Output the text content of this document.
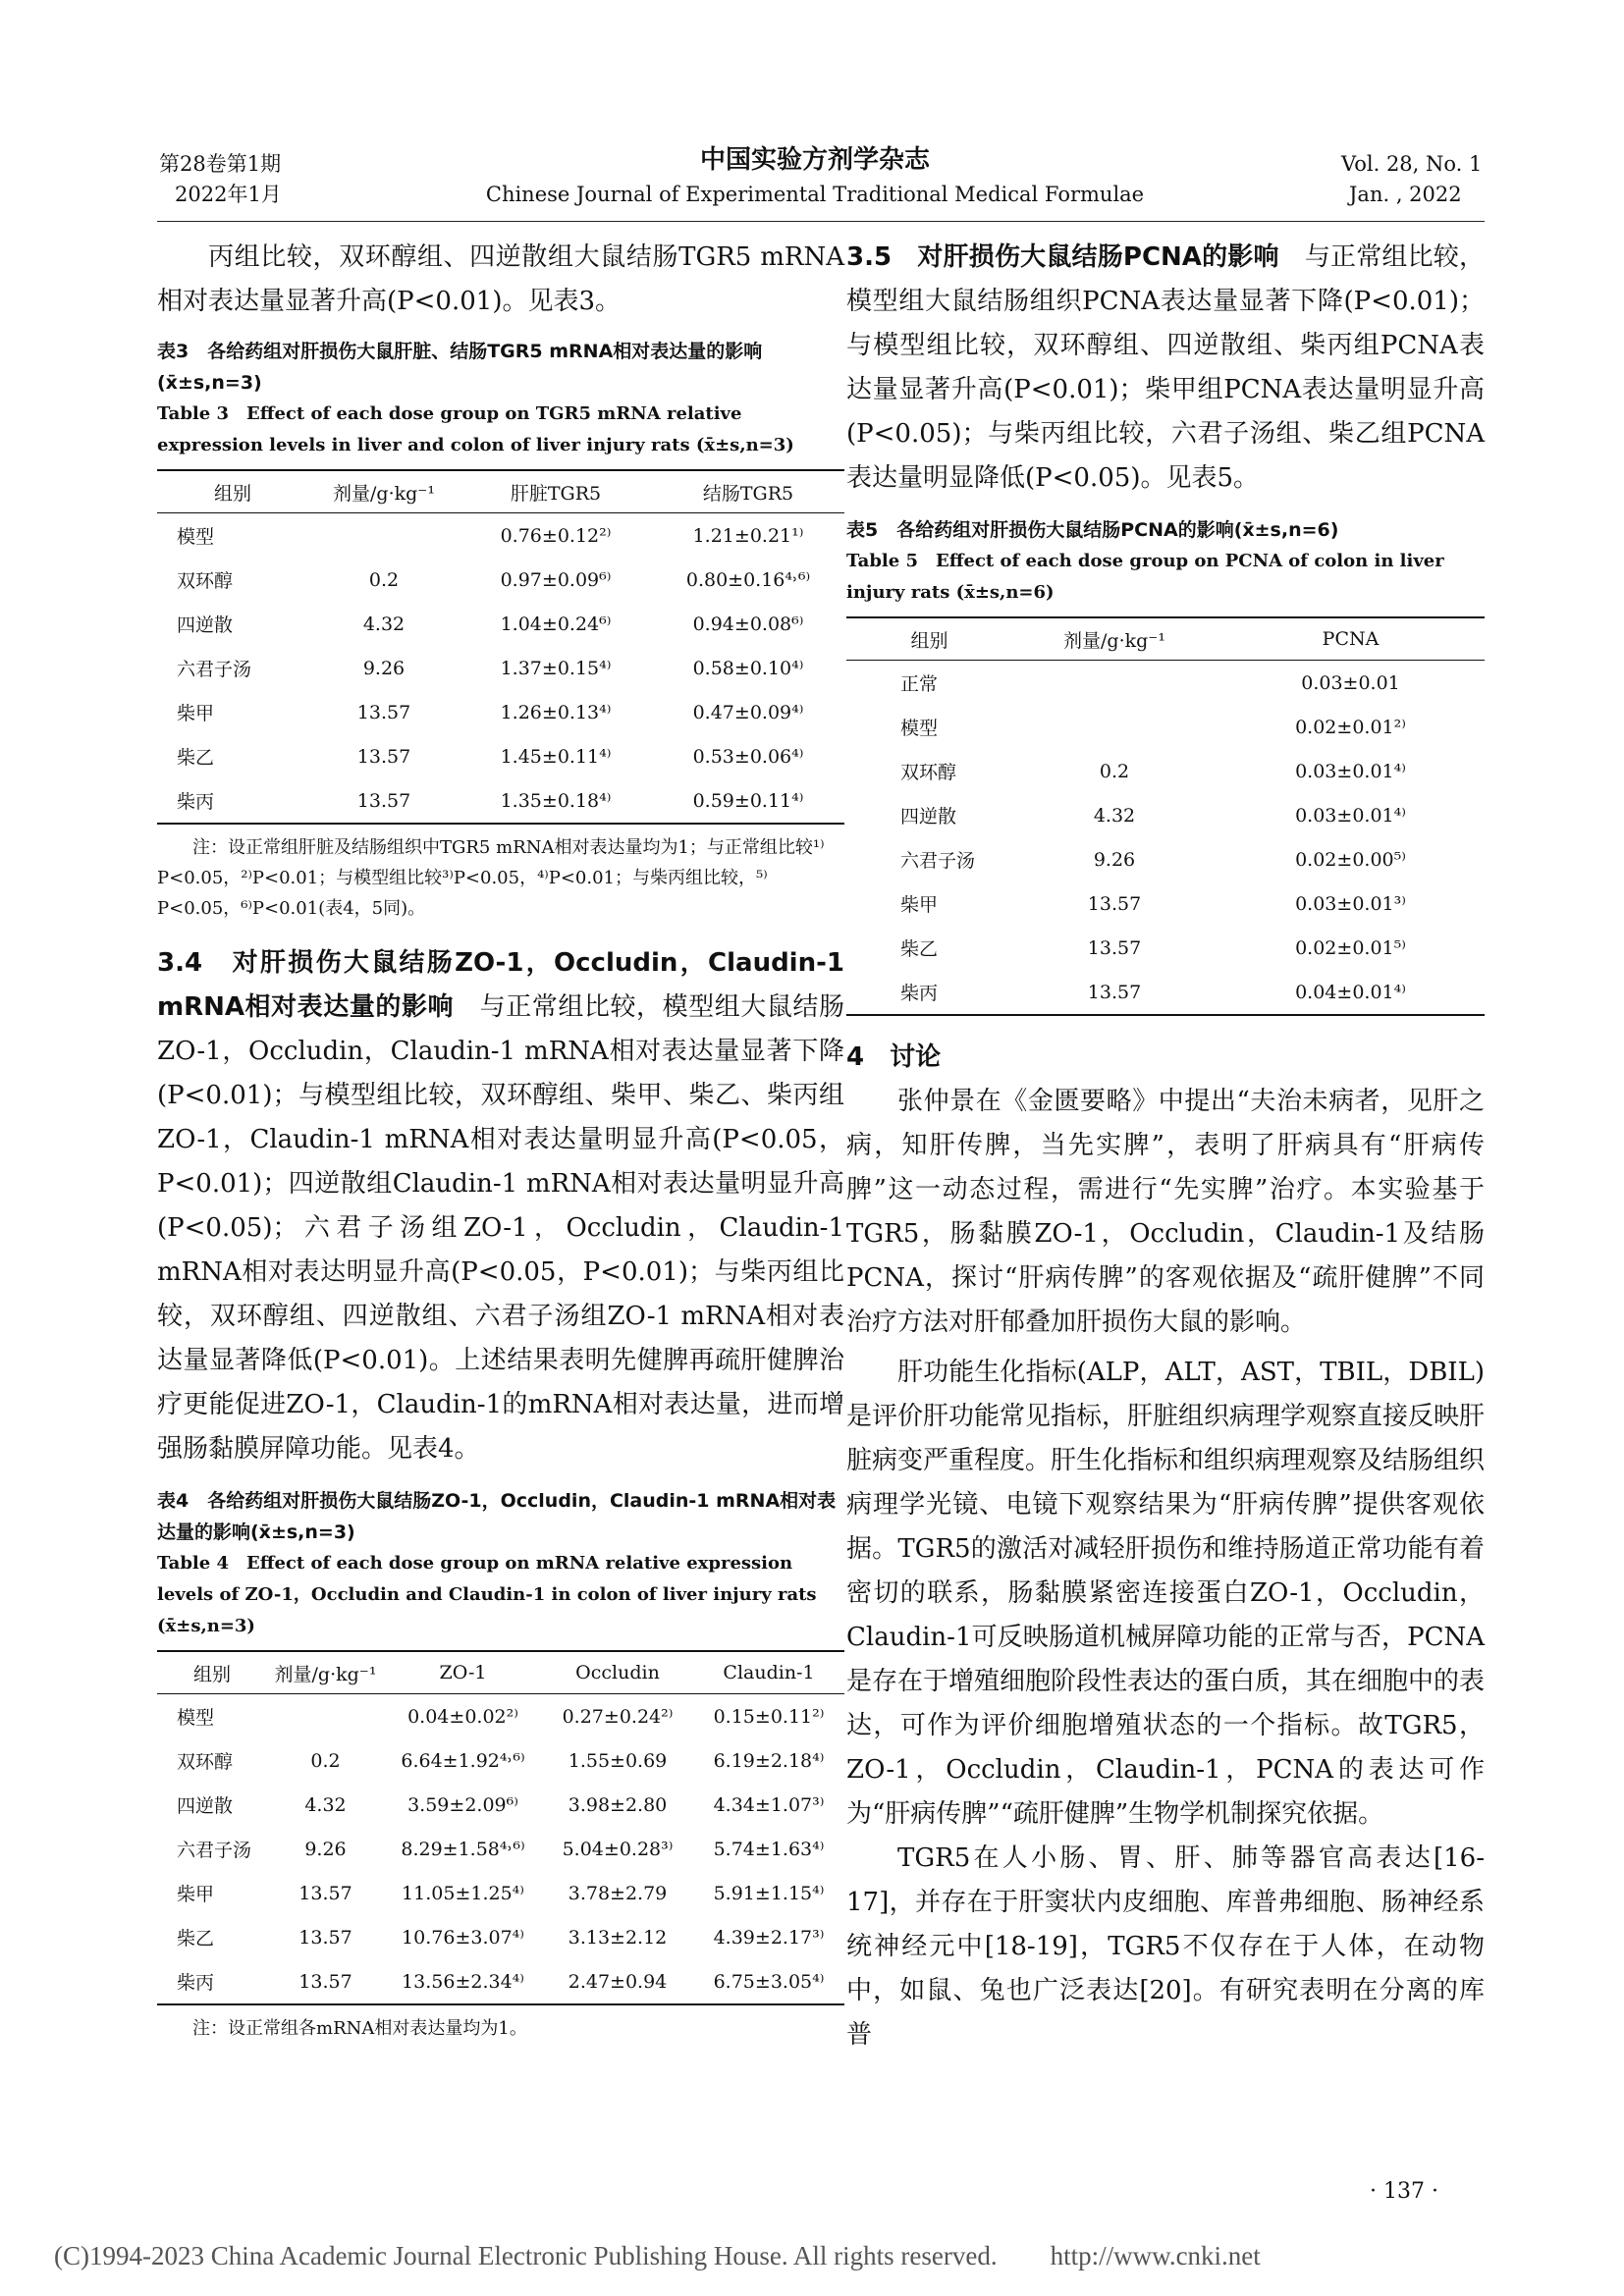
第28卷第1期
2022年1月
中国实验方剂学杂志
Chinese Journal of Experimental Traditional Medical Formulae
Vol. 28, No. 1
Jan. , 2022

丙组比较，双环醇组、四逆散组大鼠结肠TGR5 mRNA相对表达量显著升高(P<0.01)。见表3。

表3　各给药组对肝损伤大鼠肝脏、结肠TGR5 mRNA相对表达量的影响(x̄±s,n=3)

Table 3　Effect of each dose group on TGR5 mRNA relative expression levels in liver and colon of liver injury rats (x̄±s,n=3)

组别	剂量/g·kg⁻¹	肝脏TGR5	结肠TGR5
模型		0.76±0.12²⁾	1.21±0.21¹⁾
双环醇	0.2	0.97±0.09⁶⁾	0.80±0.16⁴˒⁶⁾
四逆散	4.32	1.04±0.24⁶⁾	0.94±0.08⁶⁾
六君子汤	9.26	1.37±0.15⁴⁾	0.58±0.10⁴⁾
柴甲	13.57	1.26±0.13⁴⁾	0.47±0.09⁴⁾
柴乙	13.57	1.45±0.11⁴⁾	0.53±0.06⁴⁾
柴丙	13.57	1.35±0.18⁴⁾	0.59±0.11⁴⁾

注：设正常组肝脏及结肠组织中TGR5 mRNA相对表达量均为1；与正常组比较¹⁾P<0.05，²⁾P<0.01；与模型组比较³⁾P<0.05，⁴⁾P<0.01；与柴丙组比较，⁵⁾P<0.05，⁶⁾P<0.01(表4，5同)。

3.4　对肝损伤大鼠结肠ZO-1，Occludin，Claudin-1 mRNA相对表达量的影响　 与正常组比较，模型组大鼠结肠ZO-1，Occludin，Claudin-1 mRNA相对表达量显著下降(P<0.01)；与模型组比较，双环醇组、柴甲、柴乙、柴丙组ZO-1，Claudin-1 mRNA相对表达量明显升高(P<0.05，P<0.01)；四逆散组Claudin-1 mRNA相对表达量明显升高(P<0.05)；六君子汤组ZO-1，Occludin，Claudin-1 mRNA相对表达明显升高(P<0.05，P<0.01)；与柴丙组比较，双环醇组、四逆散组、六君子汤组ZO-1 mRNA相对表达量显著降低(P<0.01)。上述结果表明先健脾再疏肝健脾治疗更能促进ZO-1，Claudin-1的mRNA相对表达量，进而增强肠黏膜屏障功能。见表4。

表4　各给药组对肝损伤大鼠结肠ZO-1，Occludin，Claudin-1 mRNA相对表达量的影响(x̄±s,n=3)

Table 4　Effect of each dose group on mRNA relative expression levels of ZO-1，Occludin and Claudin-1 in colon of liver injury rats (x̄±s,n=3)

组别	剂量/g·kg⁻¹	ZO-1	Occludin	Claudin-1
模型		0.04±0.02²⁾	0.27±0.24²⁾	0.15±0.11²⁾
双环醇	0.2	6.64±1.92⁴˒⁶⁾	1.55±0.69	6.19±2.18⁴⁾
四逆散	4.32	3.59±2.09⁶⁾	3.98±2.80	4.34±1.07³⁾
六君子汤	9.26	8.29±1.58⁴˒⁶⁾	5.04±0.28³⁾	5.74±1.63⁴⁾
柴甲	13.57	11.05±1.25⁴⁾	3.78±2.79	5.91±1.15⁴⁾
柴乙	13.57	10.76±3.07⁴⁾	3.13±2.12	4.39±2.17³⁾
柴丙	13.57	13.56±2.34⁴⁾	2.47±0.94	6.75±3.05⁴⁾

注：设正常组各mRNA相对表达量均为1。

3.5　对肝损伤大鼠结肠PCNA的影响　 与正常组比较，模型组大鼠结肠组织PCNA表达量显著下降(P<0.01)；与模型组比较，双环醇组、四逆散组、柴丙组PCNA表达量显著升高(P<0.01)；柴甲组PCNA表达量明显升高(P<0.05)；与柴丙组比较，六君子汤组、柴乙组PCNA表达量明显降低(P<0.05)。见表5。

表5　各给药组对肝损伤大鼠结肠PCNA的影响(x̄±s,n=6)

Table 5　Effect of each dose group on PCNA of colon in liver injury rats (x̄±s,n=6)

组别	剂量/g·kg⁻¹	PCNA
正常		0.03±0.01
模型		0.02±0.01²⁾
双环醇	0.2	0.03±0.01⁴⁾
四逆散	4.32	0.03±0.01⁴⁾
六君子汤	9.26	0.02±0.00⁵⁾
柴甲	13.57	0.03±0.01³⁾
柴乙	13.57	0.02±0.01⁵⁾
柴丙	13.57	0.04±0.01⁴⁾

4　讨论

张仲景在《金匮要略》中提出“夫治未病者，见肝之病，知肝传脾，当先实脾”，表明了肝病具有“肝病传脾”这一动态过程，需进行“先实脾”治疗。本实验基于TGR5，肠黏膜ZO-1，Occludin，Claudin-1及结肠PCNA，探讨“肝病传脾”的客观依据及“疏肝健脾”不同治疗方法对肝郁叠加肝损伤大鼠的影响。

肝功能生化指标(ALP，ALT，AST，TBIL，DBIL)是评价肝功能常见指标，肝脏组织病理学观察直接反映肝脏病变严重程度。肝生化指标和组织病理观察及结肠组织病理学光镜、电镜下观察结果为“肝病传脾”提供客观依据。TGR5的激活对减轻肝损伤和维持肠道正常功能有着密切的联系，肠黏膜紧密连接蛋白ZO-1，Occludin，Claudin-1可反映肠道机械屏障功能的正常与否，PCNA是存在于增殖细胞阶段性表达的蛋白质，其在细胞中的表达，可作为评价细胞增殖状态的一个指标。故TGR5，ZO-1，Occludin，Claudin-1，PCNA的表达可作为“肝病传脾”“疏肝健脾”生物学机制探究依据。

TGR5在人小肠、胃、肝、肺等器官高表达[16-17]，并存在于肝窦状内皮细胞、库普弗细胞、肠神经系统神经元中[18-19]，TGR5不仅存在于人体，在动物中，如鼠、兔也广泛表达[20]。有研究表明在分离的库普

· 137 ·
(C)1994-2023 China Academic Journal Electronic Publishing House. All rights reserved.　　http://www.cnki.net
